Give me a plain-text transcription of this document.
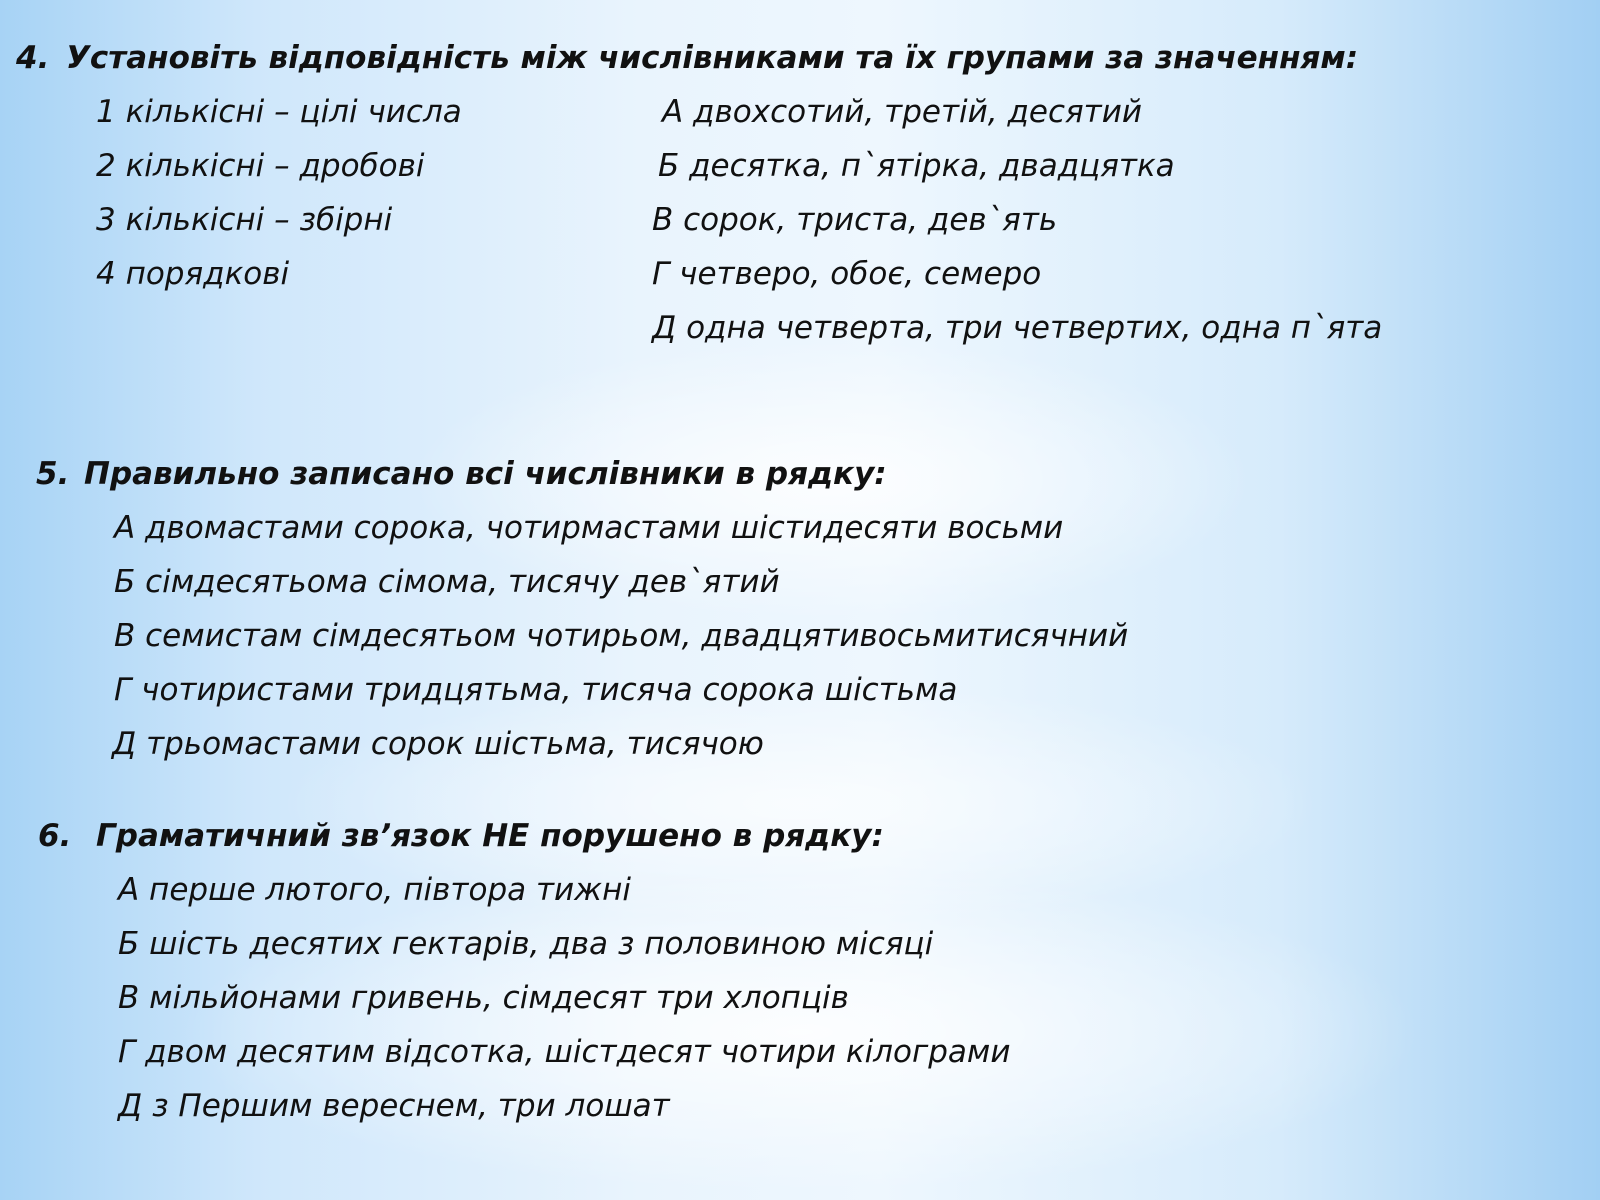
4. Установіть відповідність між числівниками та їх групами за значенням:
1 кількісні – цілі числа
2 кількісні – дробові
3 кількісні – збірні
4 порядкові
А двохсотий, третій, десятий
Б десятка, п`ятірка, двадцятка
В сорок, триста, дев`ять
Г четверо, обоє, семеро
Д одна четверта, три четвертих, одна п`ята
5. Правильно записано всі числівники в рядку:
А двомастами сорока, чотирмастами шістидесяти восьми
Б сімдесятьома сімома, тисячу дев`ятий
В семистам сімдесятьом чотирьом, двадцятивосьмитисячний
Г чотиристами тридцятьма, тисяча сорока шістьма
Д трьомастами сорок шістьма, тисячою
6. Граматичний зв’язок НЕ порушено в рядку:
А перше лютого, півтора тижні
Б шість десятих гектарів, два з половиною місяці
В мільйонами гривень, сімдесят три хлопців
Г двом десятим відсотка, шістдесят чотири кілограми
Д з Першим вереснем, три лошат
